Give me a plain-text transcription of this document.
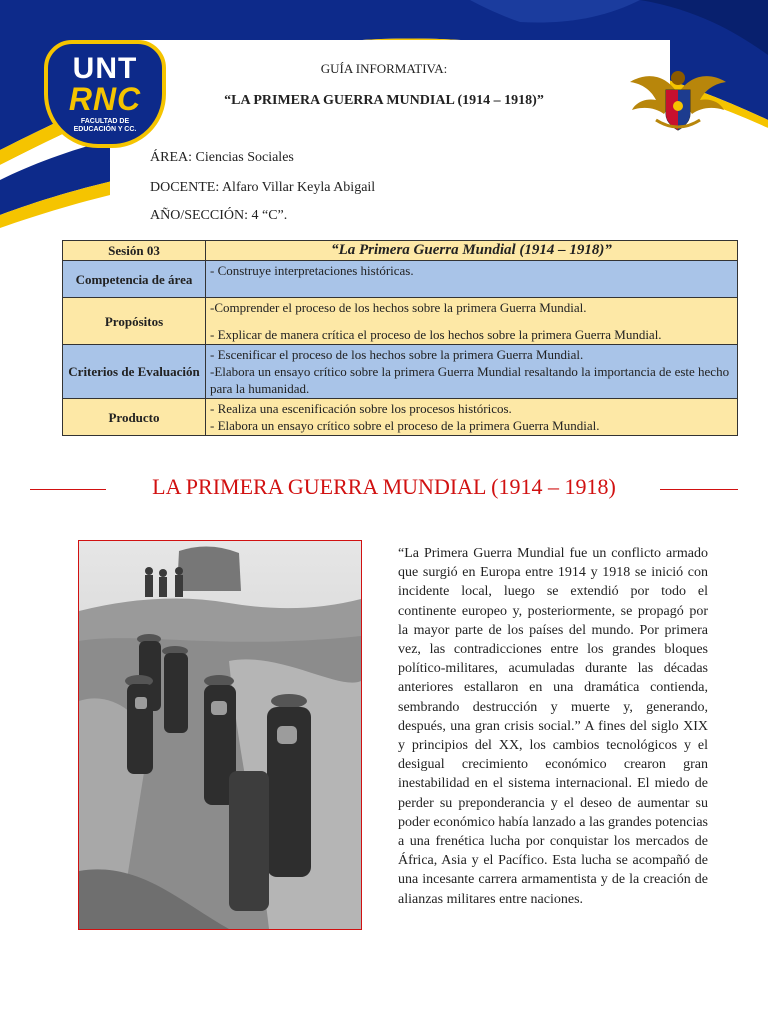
UNT
RNC
FACULTAD DE
EDUCACIÓN Y CC.
GUÍA INFORMATIVA:
“LA PRIMERA GUERRA MUNDIAL (1914 – 1918)”
ÁREA: Ciencias Sociales
DOCENTE: Alfaro Villar Keyla Abigail
AÑO/SECCIÓN: 4 “C”.
Sesión 03	“La Primera Guerra Mundial (1914 – 1918)”
Competencia de área	- Construye interpretaciones históricas.

Propósitos	-Comprender el proceso de los hechos sobre la primera Guerra Mundial.
- Explicar de manera crítica el proceso de los hechos sobre la primera Guerra Mundial.

Criterios de Evaluación	- Escenificar el proceso de los hechos sobre la primera Guerra Mundial.
-Elabora un ensayo crítico sobre la primera Guerra Mundial resaltando la importancia de este hecho para la humanidad.

Producto	- Realiza una escenificación sobre los procesos históricos.
- Elabora un ensayo crítico sobre el proceso de la primera Guerra Mundial.
LA PRIMERA GUERRA MUNDIAL (1914 – 1918)
“La Primera Guerra Mundial fue un conflicto armado que surgió en Europa entre 1914 y 1918 se inició con incidente local, luego se extendió por todo el continente europeo y, posteriormente, se propagó por la mayor parte de los países del mundo. Por primera vez, las contradicciones entre los grandes bloques político-militares, acumuladas durante las décadas anteriores estallaron en una dramática contienda, sembrando destrucción y muerte y, generando, después, una gran crisis social.” A fines del siglo XIX y principios del XX, los cambios tecnológicos y el desigual crecimiento económico crearon gran inestabilidad en el sistema internacional. El miedo de perder su preponderancia y el deseo de aumentar su poder económico había lanzado a las grandes potencias a una frenética lucha por conquistar los mercados de África, Asia y el Pacífico. Esta lucha se acompañó de una incesante carrera armamentista y de la creación de alianzas militares entre naciones.
